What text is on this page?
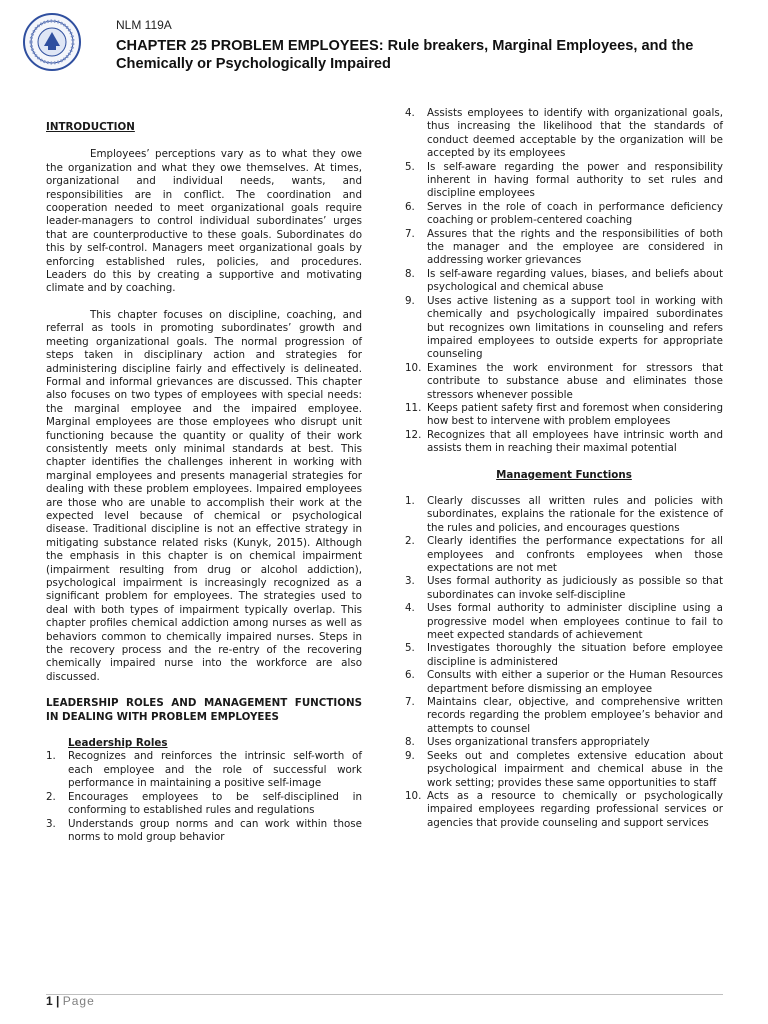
NLM 119A
CHAPTER 25 PROBLEM EMPLOYEES: Rule breakers, Marginal Employees, and the Chemically or Psychologically Impaired

INTRODUCTION

Employees’ perceptions vary as to what they owe the organization and what they owe themselves. At times, organizational and individual needs, wants, and responsibilities are in conflict. The coordination and cooperation needed to meet organizational goals require leader-managers to control individual subordinates’ urges that are counterproductive to these goals. Subordinates do this by self-control. Managers meet organizational goals by enforcing established rules, policies, and procedures. Leaders do this by creating a supportive and motivating climate and by coaching.

This chapter focuses on discipline, coaching, and referral as tools in promoting subordinates’ growth and meeting organizational goals. The normal progression of steps taken in disciplinary action and strategies for administering discipline fairly and effectively is delineated. Formal and informal grievances are discussed. This chapter also focuses on two types of employees with special needs: the marginal employee and the impaired employee. Marginal employees are those employees who disrupt unit functioning because the quantity or quality of their work consistently meets only minimal standards at best. This chapter identifies the challenges inherent in working with marginal employees and presents managerial strategies for dealing with these problem employees. Impaired employees are those who are unable to accomplish their work at the expected level because of chemical or psychological disease. Traditional discipline is not an effective strategy in mitigating substance related risks (Kunyk, 2015). Although the emphasis in this chapter is on chemical impairment (impairment resulting from drug or alcohol addiction), psychological impairment is increasingly recognized as a significant problem for employees. The strategies used to deal with both types of impairment typically overlap. This chapter profiles chemical addiction among nurses as well as behaviors common to chemically impaired nurses. Steps in the recovery process and the re-entry of the recovering chemically impaired nurse into the workforce are also discussed.

LEADERSHIP ROLES AND MANAGEMENT FUNCTIONS IN DEALING WITH PROBLEM EMPLOYEES

Leadership Roles

1. Recognizes and reinforces the intrinsic self-worth of each employee and the role of successful work performance in maintaining a positive self-image
2. Encourages employees to be self-disciplined in conforming to established rules and regulations
3. Understands group norms and can work within those norms to mold group behavior
4. Assists employees to identify with organizational goals, thus increasing the likelihood that the standards of conduct deemed acceptable by the organization will be accepted by its employees
5. Is self-aware regarding the power and responsibility inherent in having formal authority to set rules and discipline employees
6. Serves in the role of coach in performance deficiency coaching or problem-centered coaching
7. Assures that the rights and the responsibilities of both the manager and the employee are considered in addressing worker grievances
8. Is self-aware regarding values, biases, and beliefs about psychological and chemical abuse
9. Uses active listening as a support tool in working with chemically and psychologically impaired subordinates but recognizes own limitations in counseling and refers impaired employees to outside experts for appropriate counseling
10. Examines the work environment for stressors that contribute to substance abuse and eliminates those stressors whenever possible
11. Keeps patient safety first and foremost when considering how best to intervene with problem employees
12. Recognizes that all employees have intrinsic worth and assists them in reaching their maximal potential

Management Functions

1. Clearly discusses all written rules and policies with subordinates, explains the rationale for the existence of the rules and policies, and encourages questions
2. Clearly identifies the performance expectations for all employees and confronts employees when those expectations are not met
3. Uses formal authority as judiciously as possible so that subordinates can invoke self-discipline
4. Uses formal authority to administer discipline using a progressive model when employees continue to fail to meet expected standards of achievement
5. Investigates thoroughly the situation before employee discipline is administered
6. Consults with either a superior or the Human Resources department before dismissing an employee
7. Maintains clear, objective, and comprehensive written records regarding the problem employee’s behavior and attempts to counsel
8. Uses organizational transfers appropriately
9. Seeks out and completes extensive education about psychological impairment and chemical abuse in the work setting; provides these same opportunities to staff
10. Acts as a resource to chemically or psychologically impaired employees regarding professional services or agencies that provide counseling and support services
1 | Page
